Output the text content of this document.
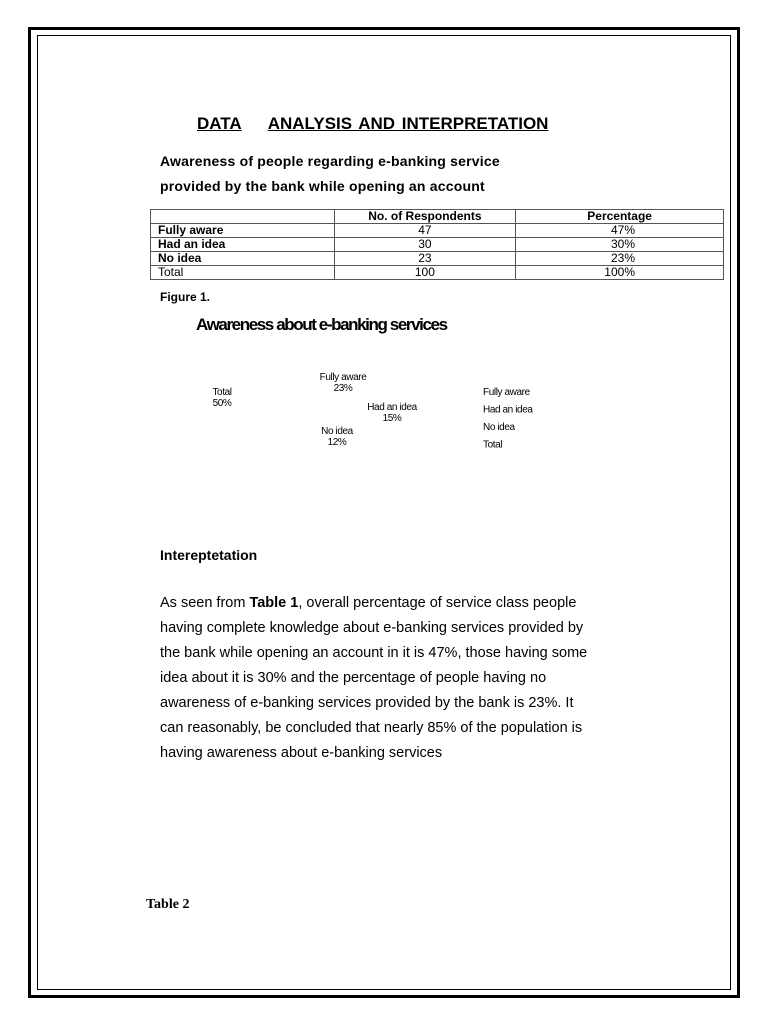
DATA ANALYSIS AND INTERPRETATION
Awareness of people regarding e-banking service
provided by the bank while opening an account
	No. of Respondents	Percentage
Fully aware	47	47%
Had an idea	30	30%
No idea	23	23%
Total	100	100%
Figure 1.
Awareness about e-banking services
Fully aware
23%
Had an idea
15%
No idea
12%
Total
50%
Fully aware
Had an idea
No idea
Total
Intereptetation
As seen from Table 1, overall percentage of service class people
having complete knowledge about e-banking services provided by
the bank while opening an account in it is 47%, those having some
idea about it is 30% and the percentage of people having no
awareness of e-banking services provided by the bank is 23%. It
can reasonably, be concluded that nearly 85% of the population is
having awareness about e-banking services
Table 2
